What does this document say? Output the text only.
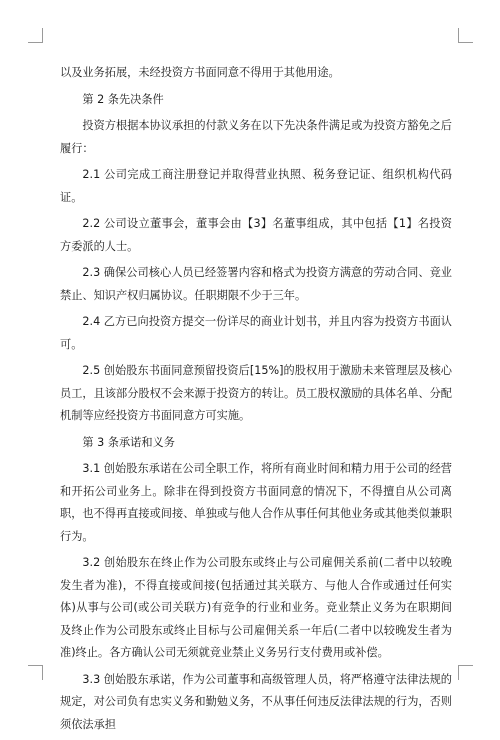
以及业务拓展，未经投资方书面同意不得用于其他用途。

第 2 条先决条件

投资方根据本协议承担的付款义务在以下先决条件满足或为投资方豁免之后履行：

2.1 公司完成工商注册登记并取得营业执照、税务登记证、组织机构代码证。

2.2 公司设立董事会，董事会由【3】名董事组成，其中包括【1】名投资方委派的人士。

2.3 确保公司核心人员已经签署内容和格式为投资方满意的劳动合同、竞业禁止、知识产权归属协议。任职期限不少于三年。

2.4 乙方已向投资方提交一份详尽的商业计划书，并且内容为投资方书面认可。

2.5 创始股东书面同意预留投资后[15%]的股权用于激励未来管理层及核心员工，且该部分股权不会来源于投资方的转让。员工股权激励的具体名单、分配机制等应经投资方书面同意方可实施。

第 3 条承诺和义务

3.1 创始股东承诺在公司全职工作，将所有商业时间和精力用于公司的经营和开拓公司业务上。除非在得到投资方书面同意的情况下，不得擅自从公司离职，也不得再直接或间接、单独或与他人合作从事任何其他业务或其他类似兼职行为。

3.2 创始股东在终止作为公司股东或终止与公司雇佣关系前(二者中以较晚发生者为准)，不得直接或间接(包括通过其关联方、与他人合作或通过任何实体)从事与公司(或公司关联方)有竞争的行业和业务。竞业禁止义务为在职期间及终止作为公司股东或终止目标与公司雇佣关系一年后(二者中以较晚发生者为准)终止。各方确认公司无须就竞业禁止义务另行支付费用或补偿。

3.3 创始股东承诺，作为公司董事和高级管理人员，将严格遵守法律法规的规定，对公司负有忠实义务和勤勉义务，不从事任何违反法律法规的行为，否则须依法承担
